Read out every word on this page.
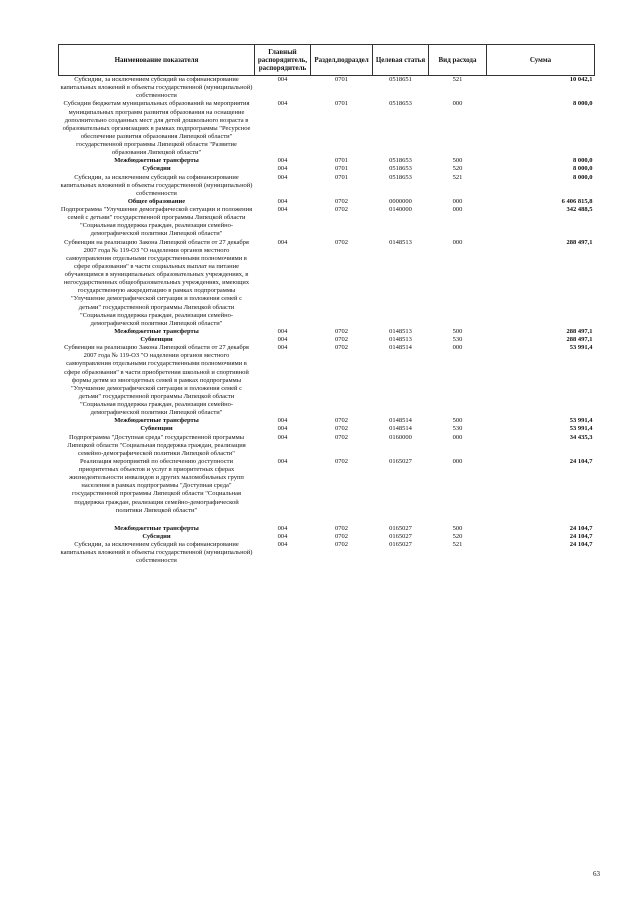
Наименование показателя	Главный распорядитель, распорядитель	Раздел,подраздел	Целевая статья	Вид расхода	Сумма
Субсидии, за исключением субсидий на софинансирование капитальных вложений в объекты государственной (муниципальной) собственности	004	0701	0518651	521	10 042,1
Субсидии бюджетам муниципальных образований на мероприятия муниципальных программ развития образования на оснащение дополнительно созданных мест для детей дошкольного возраста в образовательных организациях в рамках подпрограммы "Ресурсное обеспечение развития образования Липецкой области" государственной программы Липецкой области "Развитие образования Липецкой области"	004	0701	0518653	000	8 000,0
Межбюджетные трансферты	004	0701	0518653	500	8 000,0
Субсидии	004	0701	0518653	520	8 000,0
Субсидии, за исключением субсидий на софинансирование капитальных вложений в объекты государственной (муниципальной) собственности	004	0701	0518653	521	8 000,0
Общее образование	004	0702	0000000	000	6 406 815,8
Подпрограмма "Улучшение демографической ситуации и положения семей с детьми" государственной программы Липецкой области "Социальная поддержка граждан, реализация семейно-демографической политики Липецкой области"	004	0702	0140000	000	342 488,5
Субвенции на реализацию Закона Липецкой области от 27 декабря 2007 года № 119-ОЗ "О наделении органов местного самоуправления отдельными государственными полномочиями в сфере образования" в части социальных выплат на питание обучающимся в муниципальных образовательных учреждениях, в негосударственных общеобразовательных учреждениях, имеющих государственную аккредитацию в рамках подпрограммы "Улучшение демографической ситуации и положения семей с детьми" государственной программы Липецкой области "Социальная поддержка граждан, реализация семейно-демографической политики Липецкой области"	004	0702	0148513	000	288 497,1
Межбюджетные трансферты	004	0702	0148513	500	288 497,1
Субвенции	004	0702	0148513	530	288 497,1
Субвенции на реализацию Закона Липецкой области от 27 декабря 2007 года № 119-ОЗ "О наделении органов местного самоуправления отдельными государственными полномочиями в сфере образования" в части приобретения школьной и спортивной формы детям из многодетных семей в рамках подпрограммы "Улучшение демографической ситуации и положения семей с детьми" государственной программы Липецкой области "Социальная поддержка граждан, реализация семейно-демографической политики Липецкой области"	004	0702	0148514	000	53 991,4
Межбюджетные трансферты	004	0702	0148514	500	53 991,4
Субвенции	004	0702	0148514	530	53 991,4
Подпрограмма "Доступная среда" государственной программы Липецкой области "Социальная поддержка граждан, реализация семейно-демографической политики Липецкой области"	004	0702	0160000	000	34 435,3
Реализация мероприятий по обеспечению доступности приоритетных объектов и услуг в приоритетных сферах жизнедеятельности инвалидов и других маломобильных групп населения в рамках подпрограммы "Доступная среда" государственной программы Липецкой области "Социальная поддержка граждан, реализация семейно-демографической политики Липецкой области"	004	0702	0165027	000	24 104,7

Межбюджетные трансферты	004	0702	0165027	500	24 104,7
Субсидии	004	0702	0165027	520	24 104,7
Субсидии, за исключением субсидий на софинансирование капитальных вложений в объекты государственной (муниципальной) собственности	004	0702	0165027	521	24 104,7
63
